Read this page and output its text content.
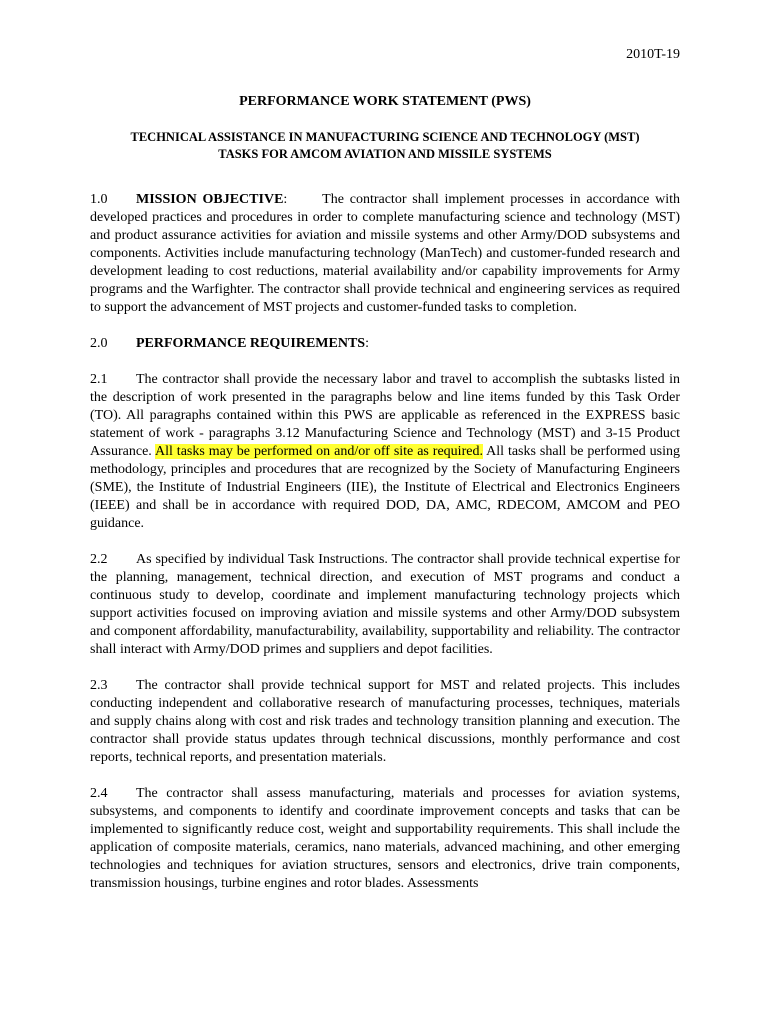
2010T-19

PERFORMANCE WORK STATEMENT (PWS)

TECHNICAL ASSISTANCE IN MANUFACTURING SCIENCE AND TECHNOLOGY (MST)
TASKS FOR AMCOM AVIATION AND MISSILE SYSTEMS

1.0 MISSION OBJECTIVE: The contractor shall implement processes in accordance with developed practices and procedures in order to complete manufacturing science and technology (MST) and product assurance activities for aviation and missile systems and other Army/DOD subsystems and components. Activities include manufacturing technology (ManTech) and customer-funded research and development leading to cost reductions, material availability and/or capability improvements for Army programs and the Warfighter. The contractor shall provide technical and engineering services as required to support the advancement of MST projects and customer-funded tasks to completion.

2.0 PERFORMANCE REQUIREMENTS:

2.1 The contractor shall provide the necessary labor and travel to accomplish the subtasks listed in the description of work presented in the paragraphs below and line items funded by this Task Order (TO). All paragraphs contained within this PWS are applicable as referenced in the EXPRESS basic statement of work - paragraphs 3.12 Manufacturing Science and Technology (MST) and 3-15 Product Assurance. All tasks may be performed on and/or off site as required. All tasks shall be performed using methodology, principles and procedures that are recognized by the Society of Manufacturing Engineers (SME), the Institute of Industrial Engineers (IIE), the Institute of Electrical and Electronics Engineers (IEEE) and shall be in accordance with required DOD, DA, AMC, RDECOM, AMCOM and PEO guidance.

2.2 As specified by individual Task Instructions. The contractor shall provide technical expertise for the planning, management, technical direction, and execution of MST programs and conduct a continuous study to develop, coordinate and implement manufacturing technology projects which support activities focused on improving aviation and missile systems and other Army/DOD subsystem and component affordability, manufacturability, availability, supportability and reliability. The contractor shall interact with Army/DOD primes and suppliers and depot facilities.

2.3 The contractor shall provide technical support for MST and related projects. This includes conducting independent and collaborative research of manufacturing processes, techniques, materials and supply chains along with cost and risk trades and technology transition planning and execution. The contractor shall provide status updates through technical discussions, monthly performance and cost reports, technical reports, and presentation materials.

2.4 The contractor shall assess manufacturing, materials and processes for aviation systems, subsystems, and components to identify and coordinate improvement concepts and tasks that can be implemented to significantly reduce cost, weight and supportability requirements. This shall include the application of composite materials, ceramics, nano materials, advanced machining, and other emerging technologies and techniques for aviation structures, sensors and electronics, drive train components, transmission housings, turbine engines and rotor blades. Assessments
